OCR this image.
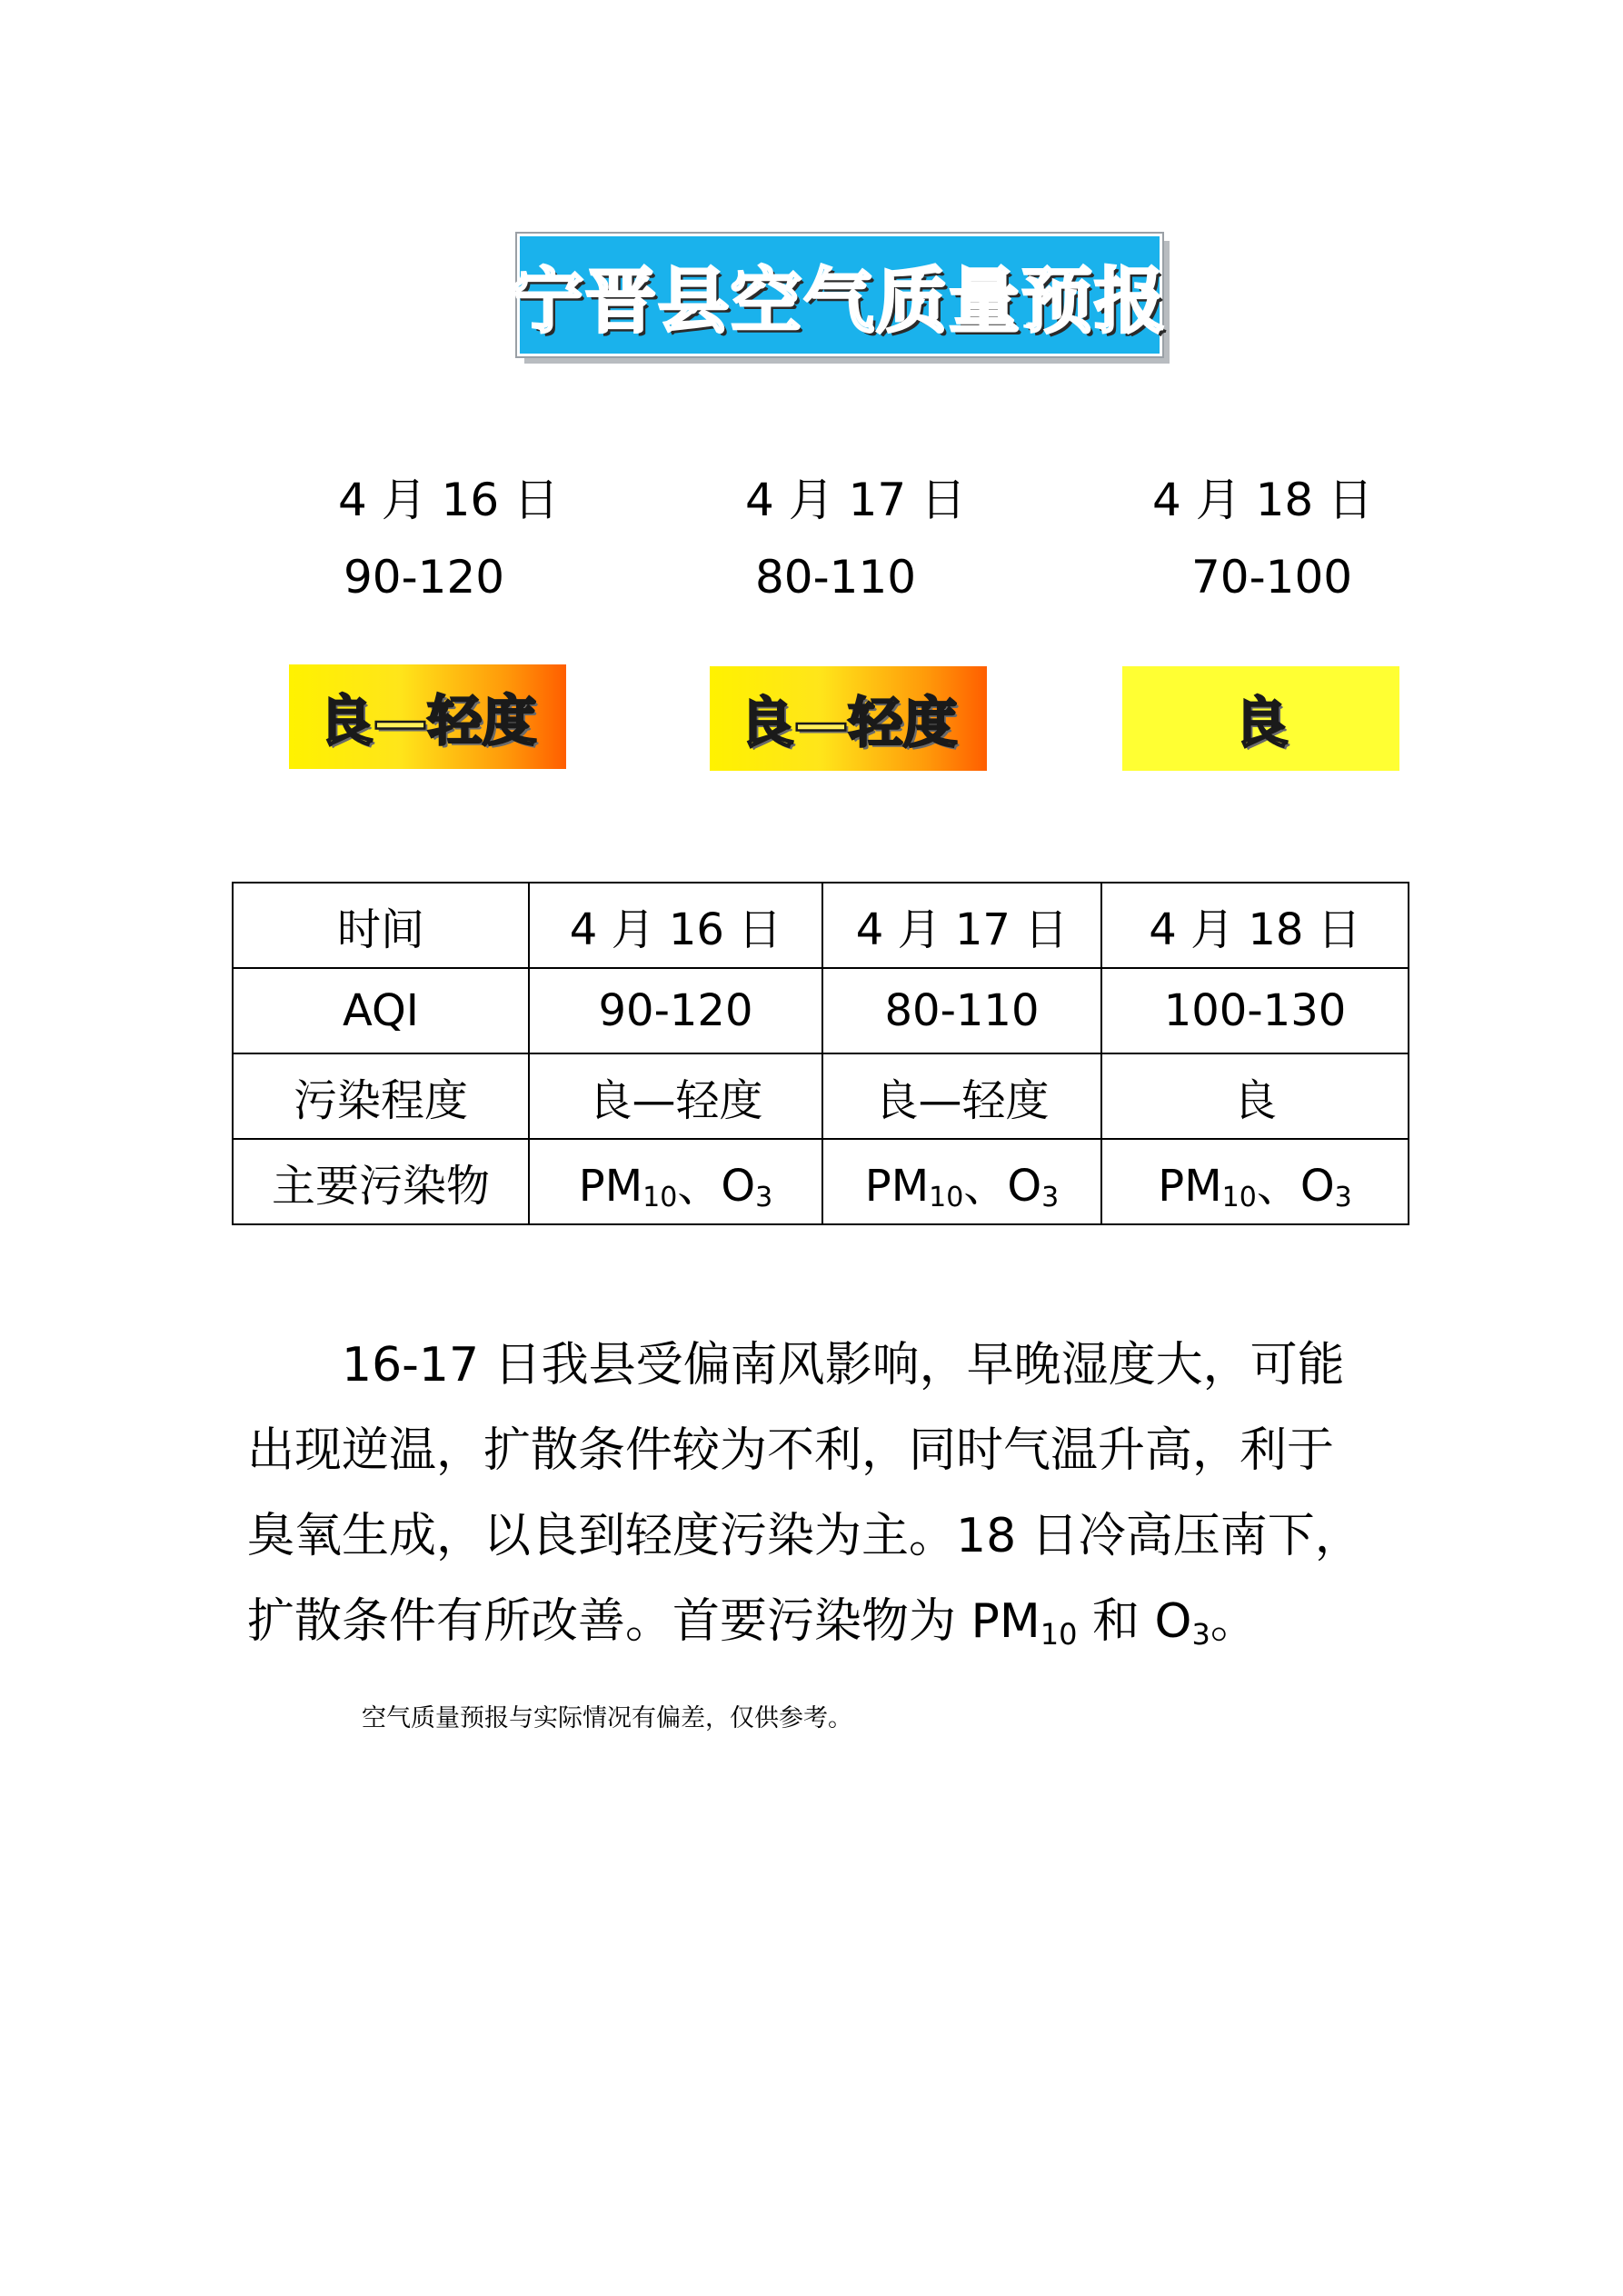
宁晋县空气质量预报
4 月 16 日	4 月 17 日	4 月 18 日
90-120	80-110	70-100
良—轻度	良—轻度	良
时间	4 月 16 日	4 月 17 日	4 月 18 日
AQI	90-120	80-110	100-130
污染程度	良—轻度	良—轻度	良
主要污染物	$PM_{10}$、$O_3$	$PM_{10}$、$O_3$	$PM_{10}$、$O_3$
16-17 日我县受偏南风影响，早晚湿度大，可能
出现逆温，扩散条件较为不利，同时气温升高，利于
臭氧生成，以良到轻度污染为主。18 日冷高压南下，
扩散条件有所改善。首要污染物为 $PM_{10}$ 和 $O_3$。
空气质量预报与实际情况有偏差，仅供参考。
